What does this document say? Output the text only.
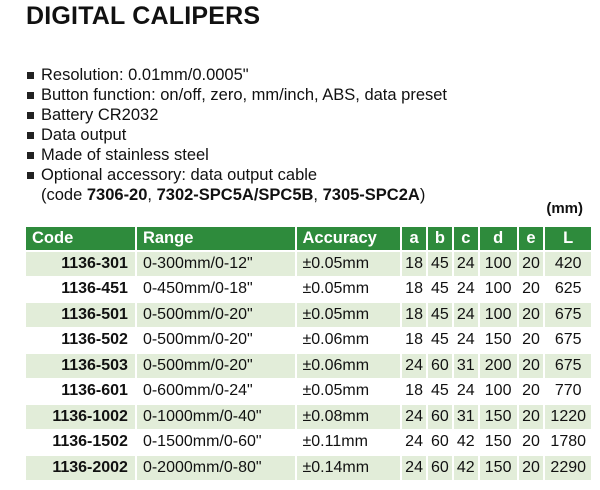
DIGITAL CALIPERS
Resolution: 0.01mm/0.0005"
Button function: on/off, zero, mm/inch, ABS, data preset
Battery CR2032
Data output
Made of stainless steel
Optional accessory: data output cable
(code 7306-20, 7302-SPC5A/SPC5B, 7305-SPC2A)
(mm)
Code	Range	Accuracy	a	b	c	d	e	L
1136-301	0-300mm/0-12"	±0.05mm	18	45	24	100	20	420
1136-451	0-450mm/0-18"	±0.05mm	18	45	24	100	20	625
1136-501	0-500mm/0-20"	±0.05mm	18	45	24	100	20	675
1136-502	0-500mm/0-20"	±0.06mm	18	45	24	150	20	675
1136-503	0-500mm/0-20"	±0.06mm	24	60	31	200	20	675
1136-601	0-600mm/0-24"	±0.05mm	18	45	24	100	20	770
1136-1002	0-1000mm/0-40"	±0.08mm	24	60	31	150	20	1220
1136-1502	0-1500mm/0-60"	±0.11mm	24	60	42	150	20	1780
1136-2002	0-2000mm/0-80"	±0.14mm	24	60	42	150	20	2290
